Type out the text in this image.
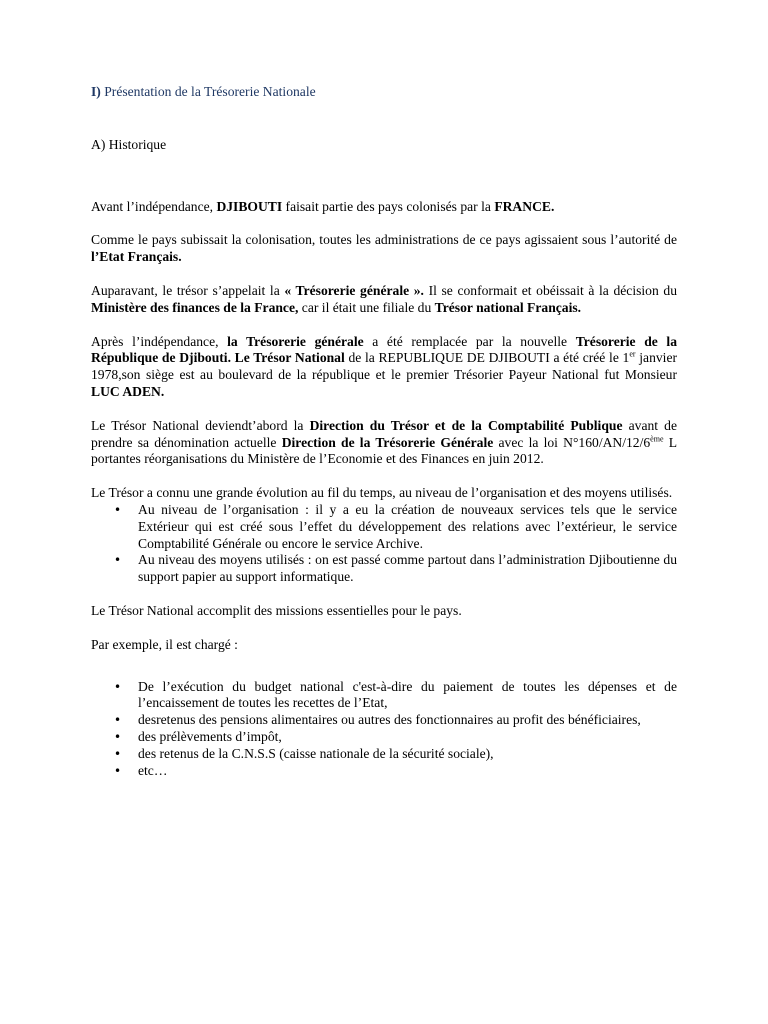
I) Présentation de la Trésorerie Nationale

A) Historique

Avant l’indépendance, DJIBOUTI faisait partie des pays colonisés par la FRANCE.

Comme le pays subissait la colonisation, toutes les administrations de ce pays agissaient sous l’autorité de l’Etat Français.

Auparavant, le trésor s’appelait la « Trésorerie générale ». Il se conformait et obéissait à la décision du Ministère des finances de la France, car il était une filiale du Trésor national Français.

Après l’indépendance, la Trésorerie générale a été remplacée par la nouvelle Trésorerie de la République de Djibouti. Le Trésor National de la REPUBLIQUE DE DJIBOUTI a été créé le 1er janvier 1978,son siège est au boulevard de la république et le premier Trésorier Payeur National fut Monsieur LUC ADEN.

Le Trésor National deviendt’abord la Direction du Trésor et de la Comptabilité Publique avant de prendre sa dénomination actuelle Direction de la Trésorerie Générale avec la loi N°160/AN/12/6ème L portantes réorganisations du Ministère de l’Economie et des Finances en juin 2012.

Le Trésor a connu une grande évolution au fil du temps, au niveau de l’organisation et des moyens utilisés.

• Au niveau de l’organisation : il y a eu la création de nouveaux services tels que le service Extérieur qui est créé sous l’effet du développement des relations avec l’extérieur, le service Comptabilité Générale ou encore le service Archive.
• Au niveau des moyens utilisés : on est passé comme partout dans l’administration Djiboutienne du support papier au support informatique.

Le Trésor National accomplit des missions essentielles pour le pays.

Par exemple, il est chargé :

• De l’exécution du budget national c'est-à-dire du paiement de toutes les dépenses et de l’encaissement de toutes les recettes de l’Etat,
• desretenus des pensions alimentaires ou autres des fonctionnaires au profit des bénéficiaires,
• des prélèvements d’impôt,
• des retenus de la C.N.S.S (caisse nationale de la sécurité sociale),
• etc…
